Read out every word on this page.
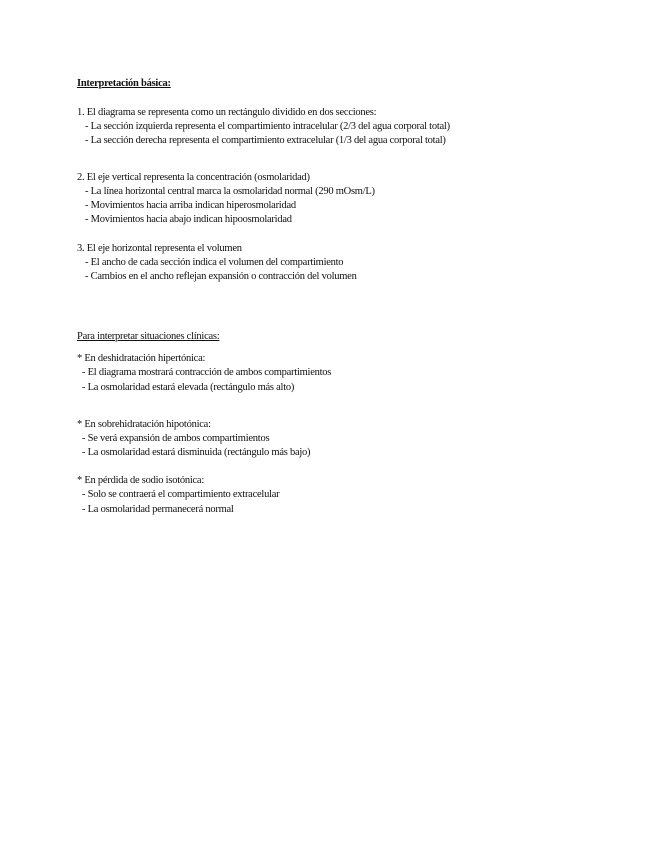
Interpretación básica:
1. El diagrama se representa como un rectángulo dividido en dos secciones:
- La sección izquierda representa el compartimiento intracelular (2/3 del agua corporal total)
- La sección derecha representa el compartimiento extracelular (1/3 del agua corporal total)
2. El eje vertical representa la concentración (osmolaridad)
- La línea horizontal central marca la osmolaridad normal (290 mOsm/L)
- Movimientos hacia arriba indican hiperosmolaridad
- Movimientos hacia abajo indican hipoosmolaridad
3. El eje horizontal representa el volumen
- El ancho de cada sección indica el volumen del compartimiento
- Cambios en el ancho reflejan expansión o contracción del volumen
Para interpretar situaciones clínicas:
* En deshidratación hipertónica:
- El diagrama mostrará contracción de ambos compartimientos
- La osmolaridad estará elevada (rectángulo más alto)
* En sobrehidratación hipotónica:
- Se verá expansión de ambos compartimientos
- La osmolaridad estará disminuida (rectángulo más bajo)
* En pérdida de sodio isotónica:
- Solo se contraerá el compartimiento extracelular
- La osmolaridad permanecerá normal
